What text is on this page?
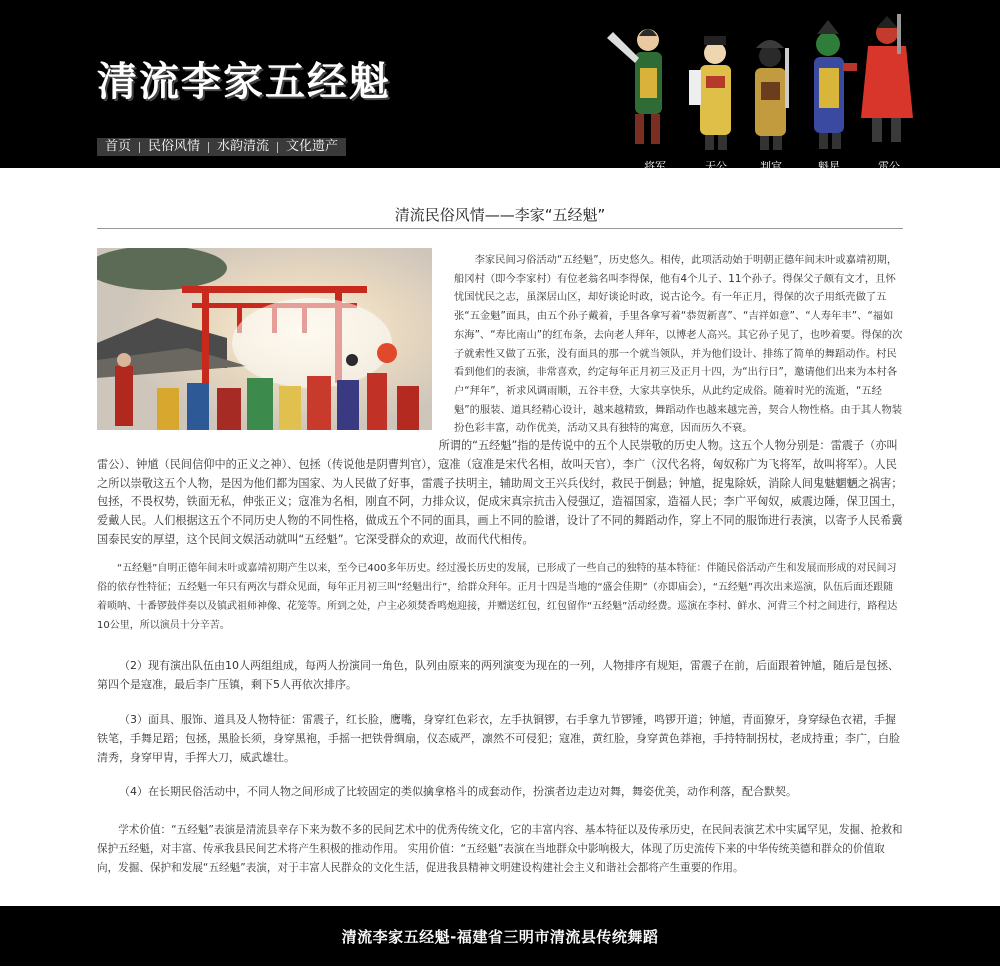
清流李家五经魁
首页	民俗风情	水韵清流	文化遗产
将军	天公	判官	魁星	雷公
清流民俗风情——李家“五经魁”

李家民间习俗活动“五经魁”，历史悠久。相传，此项活动始于明朝正德年间末叶或嘉靖初期，船冈村（即今李家村）有位老翁名叫李得保，他有4个儿子、11个孙子。得保父子颇有文才，且怀忧国忧民之志，虽深居山区，却好谈论时政，说古论今。有一年正月，得保的次子用纸壳做了五张“五金魁”面具，由五个孙子戴着，手里各拿写着“恭贺新喜”、“吉祥如意”、“人寿年丰”、“福如东海”、“寿比南山”的红布条，去向老人拜年，以博老人高兴。其它孙子见了，也吵着要。得保的次子就索性又做了五张，没有面具的那一个就当领队，并为他们设计、排练了简单的舞蹈动作。村民看到他们的表演，非常喜欢，约定每年正月初三及正月十四，为“出行日”，邀请他们出来为本村各户“拜年”，祈求风调雨顺，五谷丰登，大家共享快乐，从此约定成俗。随着时光的流逝，“五经魁”的服装、道具经精心设计，越来越精致，舞蹈动作也越来越完善，契合人物性格。由于其人物装扮色彩丰富，动作优美，活动又具有独特的寓意，因而历久不衰。

所谓的“五经魁”指的是传说中的五个人民崇敬的历史人物。这五个人物分别是：雷震子（亦叫雷公）、钟馗（民间信仰中的正义之神）、包拯（传说他是阴曹判官），寇准（寇准是宋代名相，故叫天官），李广（汉代名将，匈奴称广为飞将军，故叫将军）。人民之所以崇敬这五个人物，是因为他们都为国家、为人民做了好事，雷震子扶明主，辅助周文王兴兵伐纣，救民于倒悬；钟馗，捉鬼除妖，消除人间鬼魅魍魉之祸害；包拯，不畏权势，铁面无私，伸张正义；寇准为名相，刚直不阿，力排众议，促成宋真宗抗击入侵强辽，造福国家，造福人民；李广平匈奴，威震边陲，保卫国土，爱戴人民。人们根据这五个不同历史人物的不同性格，做成五个不同的面具，画上不同的脸谱，设计了不同的舞蹈动作，穿上不同的服饰进行表演，以寄予人民希冀国泰民安的厚望，这个民间文娱活动就叫“五经魁”。它深受群众的欢迎，故而代代相传。

“五经魁”自明正德年间末叶或嘉靖初期产生以来，至今已400多年历史。经过漫长历史的发展，已形成了一些自己的独特的基本特征：伴随民俗活动产生和发展而形成的对民间习俗的依存性特征；五经魁一年只有两次与群众见面，每年正月初三叫“经魁出行”，给群众拜年。正月十四是当地的“盛会佳期”（亦即庙会），“五经魁”再次出来巡演，队伍后面还跟随着唢呐、十番锣鼓伴奏以及镇武祖师神像、花笼等。所到之处，户主必须焚香鸣炮迎接，并赠送红包，红包留作“五经魁”活动经费。巡演在李村、鲜水、河背三个村之间进行，路程达10公里，所以演员十分辛苦。

（2）现有演出队伍由10人两组组成，每两人扮演同一角色，队列由原来的两列演变为现在的一列，人物排序有规矩，雷震子在前，后面跟着钟馗，随后是包拯、第四个是寇准，最后李广压镇，剩下5人再依次排序。

（3）面具、服饰、道具及人物特征：雷震子，红长脸，鹰嘴，身穿红色彩衣，左手执铜锣，右手拿九节锣锤，鸣锣开道；钟馗，青面獠牙，身穿绿色衣裙，手握铁笔，手舞足蹈；包拯，黑脸长须，身穿黑袍，手摇一把铁骨绸扇，仪态威严，凛然不可侵犯；寇准，黄红脸，身穿黄色莽袍，手持特制拐杖，老成持重；李广，白脸清秀，身穿甲胄，手挥大刀，威武雄壮。

（4）在长期民俗活动中，不同人物之间形成了比较固定的类似擒拿格斗的成套动作，扮演者边走边对舞，舞姿优美，动作利落，配合默契。

学术价值：“五经魁”表演是清流县幸存下来为数不多的民间艺术中的优秀传统文化，它的丰富内容、基本特征以及传承历史，在民间表演艺术中实属罕见，发掘、抢救和保护五经魁，对丰富、传承我县民间艺术将产生积极的推动作用。 实用价值：“五经魁”表演在当地群众中影响极大，体现了历史流传下来的中华传统美德和群众的价值取向，发掘、保护和发展“五经魁”表演，对于丰富人民群众的文化生活，促进我县精神文明建设构建社会主义和谐社会都将产生重要的作用。

清流李家五经魁-福建省三明市清流县传统舞蹈
